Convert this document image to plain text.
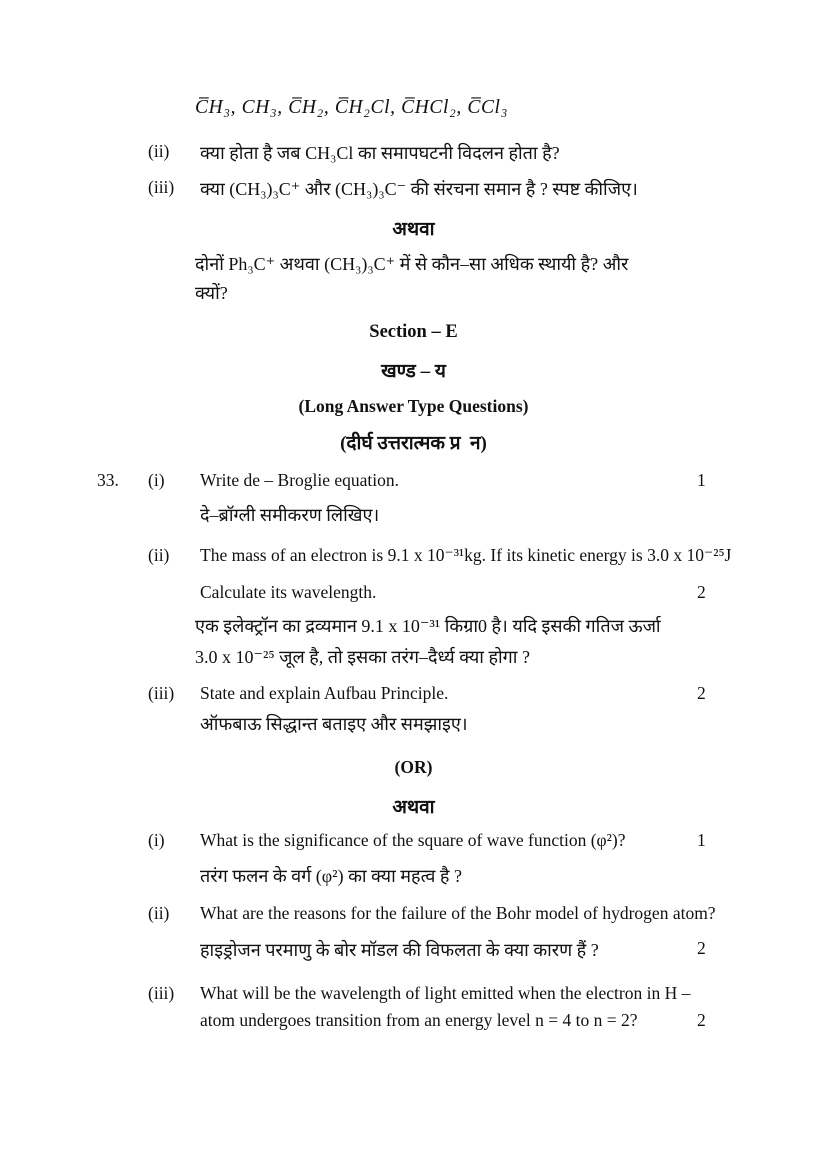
C̅H₃, CH₃, C̅H₂, C̅H₂Cl, C̅HCl₂, C̅Cl₃
(ii) क्या होता है जब CH₃Cl का समापघटनी विदलन होता है?
(iii) क्या (CH₃)₃C⁺ और (CH₃)₃C⁻ की संरचना समान है ? स्पष्ट कीजिए।
अथवा
दोनों Ph₃C⁺ अथवा (CH₃)₃C⁺ में से कौन–सा अधिक स्थायी है? और
क्यों?
Section – E
खण्ड – य
(Long Answer Type Questions)
(दीर्घ उत्तरात्मक प्र  न)
33. (i) Write de – Broglie equation.	1
दे–ब्रॉग्ली समीकरण लिखिए।
(ii) The mass of an electron is 9.1 x 10⁻³¹kg. If its kinetic energy is 3.0 x 10⁻²⁵J
Calculate its wavelength.	2
एक इलेक्ट्रॉन का द्रव्यमान 9.1 x 10⁻³¹ किग्रा0 है। यदि इसकी गतिज ऊर्जा
3.0 x 10⁻²⁵ जूल है, तो इसका तरंग–दैर्ध्य क्या होगा ?
(iii) State and explain Aufbau Principle.	2
ऑफबाऊ सिद्धान्त बताइए और समझाइए।
(OR)
अथवा
(i) What is the significance of the square of wave function (φ²)?	1
तरंग फलन के वर्ग (φ²) का क्या महत्व है ?
(ii) What are the reasons for the failure of the Bohr model of hydrogen atom?
हाइड्रोजन परमाणु के बोर मॉडल की विफलता के क्या कारण हैं ?	2
(iii) What will be the wavelength of light emitted when the electron in H –
atom undergoes transition from an energy level n = 4 to n = 2?	2
